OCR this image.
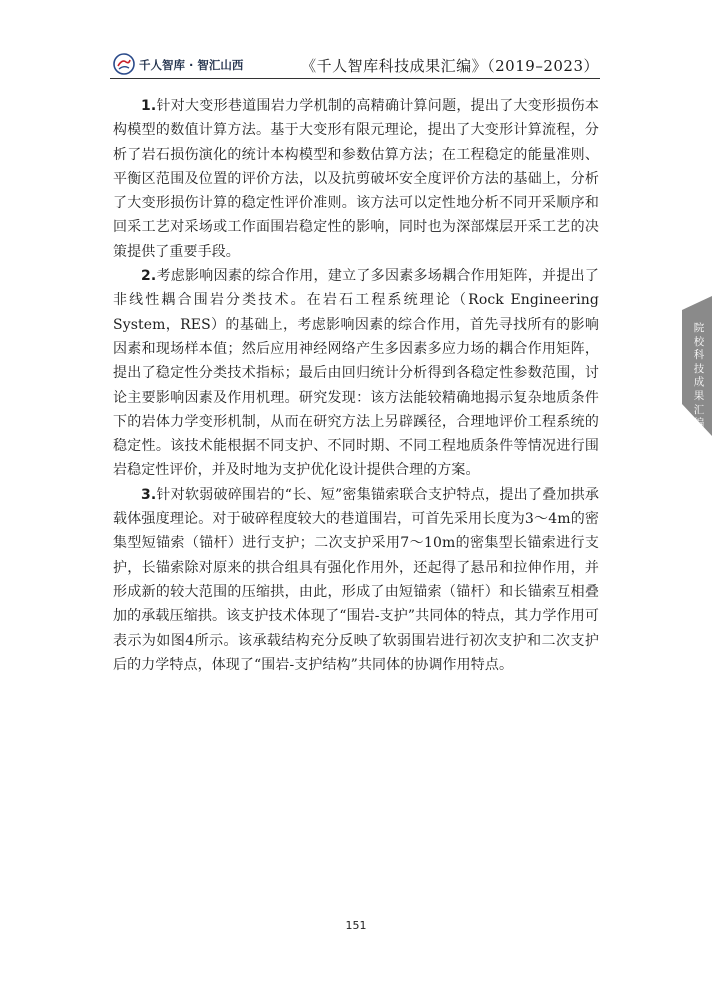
千人智库 · 智汇山西	《千人智库科技成果汇编》（2019–2023）

1.针对大变形巷道围岩力学机制的高精确计算问题，提出了大变形损伤本构模型的数值计算方法。基于大变形有限元理论，提出了大变形计算流程，分析了岩石损伤演化的统计本构模型和参数估算方法；在工程稳定的能量准则、平衡区范围及位置的评价方法，以及抗剪破坏安全度评价方法的基础上，分析了大变形损伤计算的稳定性评价准则。该方法可以定性地分析不同开采顺序和回采工艺对采场或工作面围岩稳定性的影响，同时也为深部煤层开采工艺的决策提供了重要手段。

2.考虑影响因素的综合作用，建立了多因素多场耦合作用矩阵，并提出了非线性耦合围岩分类技术。在岩石工程系统理论（Rock Engineering System，RES）的基础上，考虑影响因素的综合作用，首先寻找所有的影响因素和现场样本值；然后应用神经网络产生多因素多应力场的耦合作用矩阵，提出了稳定性分类技术指标；最后由回归统计分析得到各稳定性参数范围，讨论主要影响因素及作用机理。研究发现：该方法能较精确地揭示复杂地质条件下的岩体力学变形机制，从而在研究方法上另辟蹊径，合理地评价工程系统的稳定性。该技术能根据不同支护、不同时期、不同工程地质条件等情况进行围岩稳定性评价，并及时地为支护优化设计提供合理的方案。

3.针对软弱破碎围岩的“长、短”密集锚索联合支护特点，提出了叠加拱承载体强度理论。对于破碎程度较大的巷道围岩，可首先采用长度为3～4m的密集型短锚索（锚杆）进行支护；二次支护采用7～10m的密集型长锚索进行支护，长锚索除对原来的拱合组具有强化作用外，还起得了悬吊和拉伸作用，并形成新的较大范围的压缩拱，由此，形成了由短锚索（锚杆）和长锚索互相叠加的承载压缩拱。该支护技术体现了“围岩-支护”共同体的特点，其力学作用可表示为如图4所示。该承载结构充分反映了软弱围岩进行初次支护和二次支护后的力学特点，体现了“围岩-支护结构”共同体的协调作用特点。

院校科技成果汇编
151
